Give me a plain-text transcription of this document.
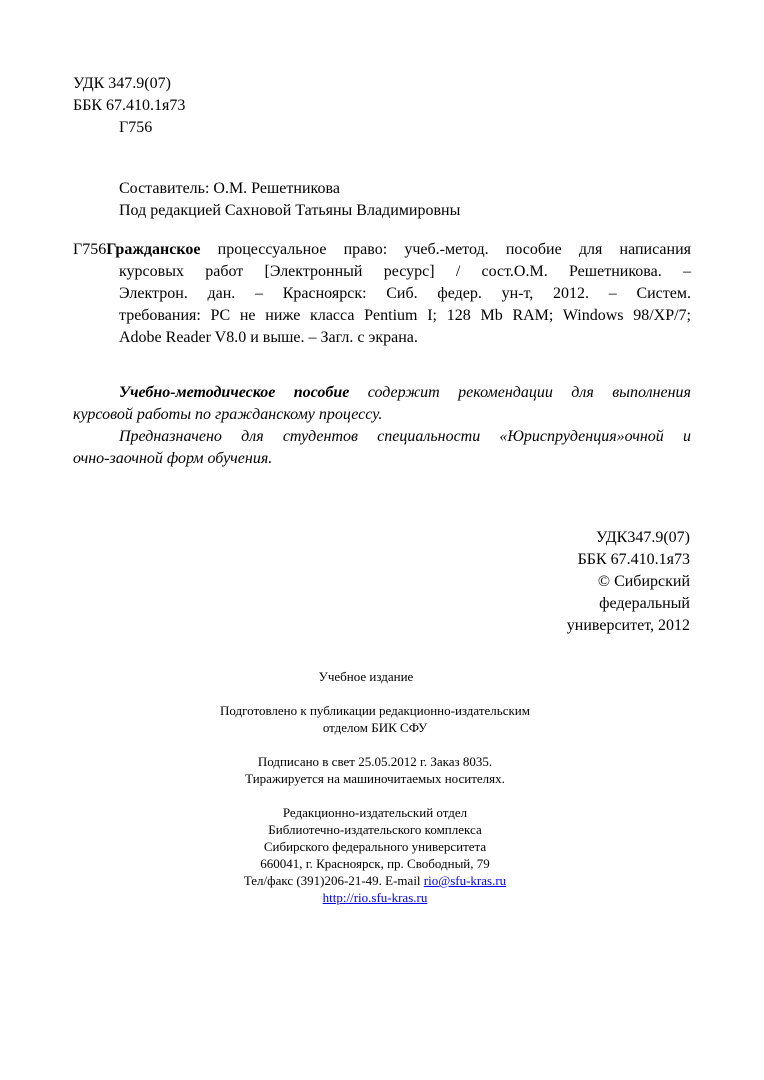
УДК 347.9(07)
ББК 67.410.1я73
Г756
Составитель: О.М. Решетникова
Под редакцией Сахновой Татьяны Владимировны
Г756Гражданское процессуальное право: учеб.-метод. пособие для написания
курсовых работ [Электронный ресурс] / сост.О.М. Решетникова. –
Электрон. дан. – Красноярск: Сиб. федер. ун-т, 2012. – Систем.
требования: PC не ниже класса Pentium I; 128 Mb RAM; Windows 98/XP/7;
Adobe Reader V8.0 и выше. – Загл. с экрана.
Учебно-методическое пособие содержит рекомендации для выполнения
курсовой работы по гражданскому процессу.
Предназначено для студентов специальности «Юриспруденция»очной и
очно-заочной форм обучения.
УДК347.9(07)
ББК 67.410.1я73
© Сибирский
федеральный
университет, 2012
Учебное издание
Подготовлено к публикации редакционно-издательским
отделом БИК СФУ
Подписано в свет 25.05.2012 г. Заказ 8035.
Тиражируется на машиночитаемых носителях.
Редакционно-издательский отдел
Библиотечно-издательского комплекса
Сибирского федерального университета
660041, г. Красноярск, пр. Свободный, 79
Тел/факс (391)206-21-49. E-mail rio@sfu-kras.ru
http://rio.sfu-kras.ru
